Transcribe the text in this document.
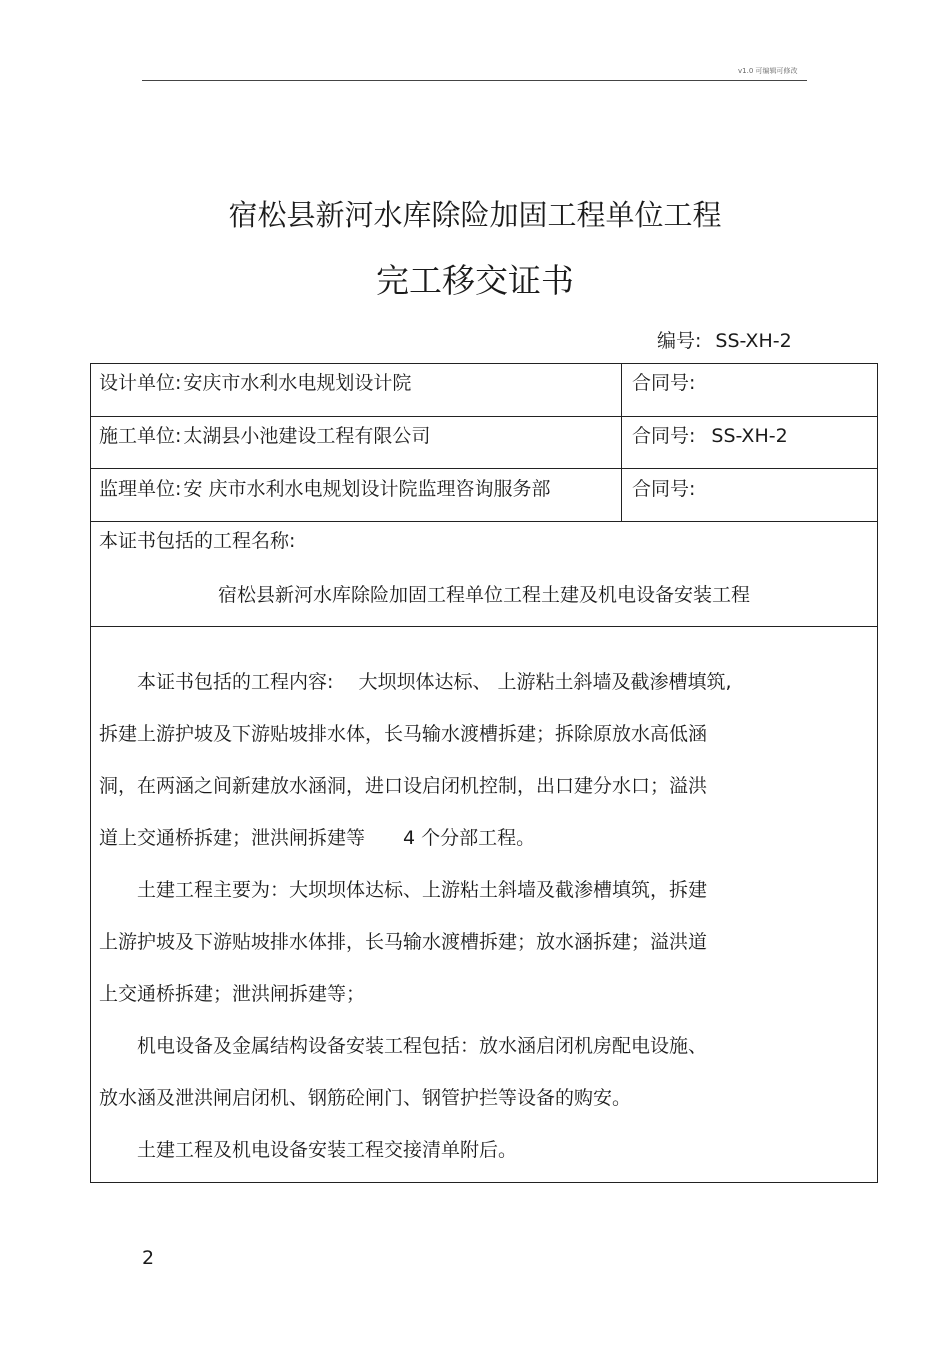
v1.0 可编辑可修改
宿松县新河水库除险加固工程单位工程
完工移交证书
编号: SS-XH-2
设计单位: 安庆市水利水电规划设计院	合同号:
施工单位: 太湖县小池建设工程有限公司	合同号: SS-XH-2
监理单位: 安 庆市水利水电规划设计院监理咨询服务部	合同号:
本证书包括的工程名称:
宿松县新河水库除险加固工程单位工程土建及机电设备安装工程
　　本证书包括的工程内容:　 大坝坝体达标、 上游粘土斜墙及截渗槽填筑,
拆建上游护坡及下游贴坡排水体，长马输水渡槽拆建；拆除原放水高低涵
洞，在两涵之间新建放水涵洞，进口设启闭机控制，出口建分水口；溢洪
道上交通桥拆建；泄洪闸拆建等　　4 个分部工程。
　　土建工程主要为：大坝坝体达标、上游粘土斜墙及截渗槽填筑，拆建
上游护坡及下游贴坡排水体排，长马输水渡槽拆建；放水涵拆建；溢洪道
上交通桥拆建；泄洪闸拆建等；
　　机电设备及金属结构设备安装工程包括：放水涵启闭机房配电设施、
放水涵及泄洪闸启闭机、钢筋砼闸门、钢管护拦等设备的购安。
　　土建工程及机电设备安装工程交接清单附后。
2
